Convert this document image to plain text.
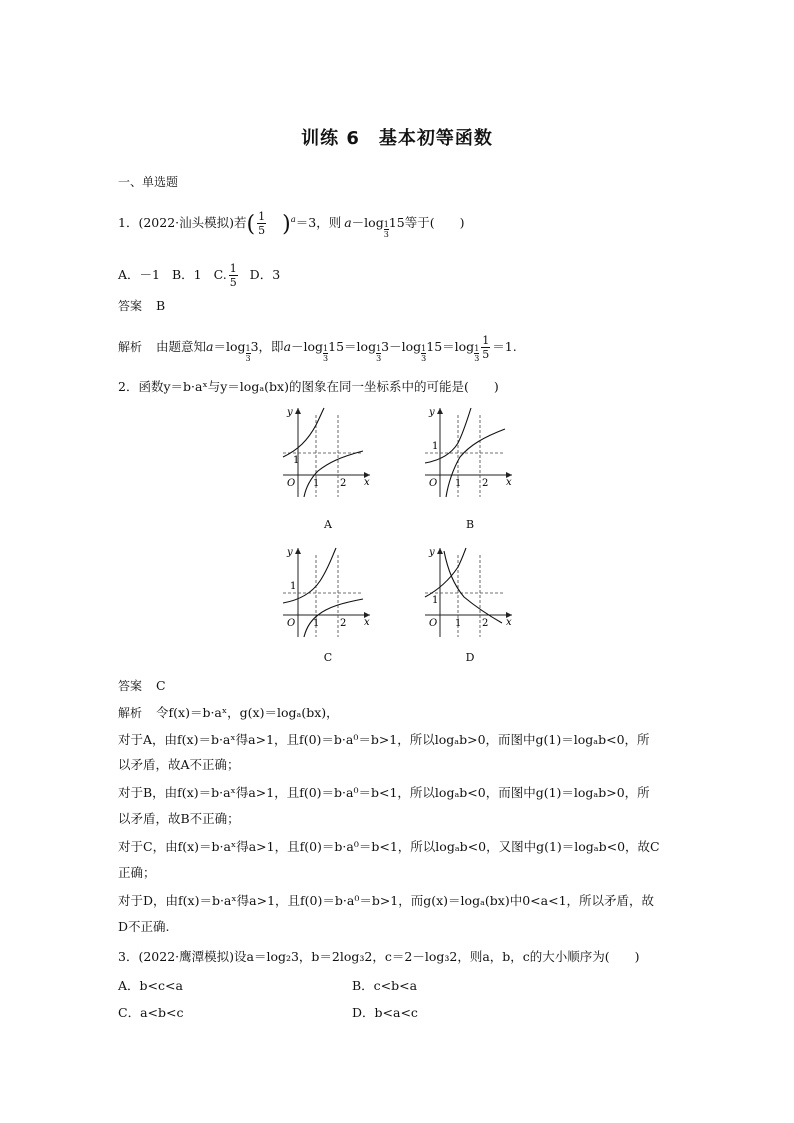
训练 6　基本初等函数
一、单选题
1．(2022·汕头模拟)若( $\frac{1}{5} )^a=3$，则 $a-\log \frac{1}{3} 15$等于(　　)
A．－1 B．1 C. $\frac{1}{5}$ D．3
答案 B
解析 由题意知$a=\log \frac{1}{3} 3$，即$a-\log \frac{1}{3} 15=\log \frac{1}{3} 3-\log \frac{1}{3} 15=\log \frac{1}{3} \frac{1}{5} =1$.
2．函数y＝b·aˣ与y＝logₐ(bx)的图象在同一坐标系中的可能是(　　)
y
x
O
1
1 2
A
y
x
O
1
1 2
B
y
x
O
1
1 2
C
y
x
O
1
1 2
D
答案 C
解析 令f(x)＝b·aˣ，g(x)＝logₐ(bx)，
对于A，由f(x)＝b·aˣ得a>1，且f(0)＝b·a⁰＝b>1，所以logₐb>0，而图中g(1)＝logₐb<0，所
以矛盾，故A不正确；
对于B，由f(x)＝b·aˣ得a>1，且f(0)＝b·a⁰＝b<1，所以logₐb<0，而图中g(1)＝logₐb>0，所
以矛盾，故B不正确；
对于C，由f(x)＝b·aˣ得a>1，且f(0)＝b·a⁰＝b<1，所以logₐb<0，又图中g(1)＝logₐb<0，故C
正确；
对于D，由f(x)＝b·aˣ得a>1，且f(0)＝b·a⁰＝b>1，而g(x)＝logₐ(bx)中0<a<1，所以矛盾，故
D不正确.
3．(2022·鹰潭模拟)设a＝log₂3，b＝2log₃2，c＝2－log₃2，则a，b，c的大小顺序为(　　)
A．b<c<a	B．c<b<a
C．a<b<c	D．b<a<c
